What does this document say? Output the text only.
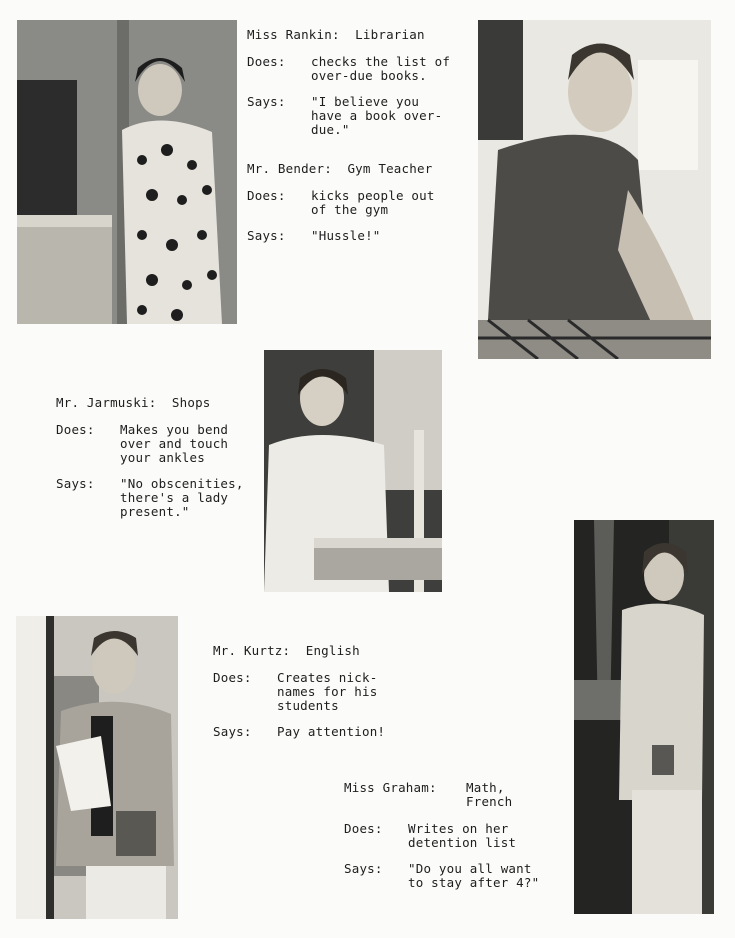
Miss Rankin:
Librarian
Does:	checks the list of
over-due books.
Says:	"I believe you
have a book over-
due."
Mr. Bender:
Gym Teacher
Does:	kicks people out
of the gym
Says:	"Hussle!"
Mr. Jarmuski:
Shops
Does:	Makes you bend
over and touch
your ankles
Says:	"No obscenities,
there's a lady
present."
Mr. Kurtz:
English
Does:	Creates nick-
names for his
students
Says:	Pay attention!
Miss Graham:	Math,
French
Does:	Writes on her
detention list
Says:	"Do you all want
to stay after 4?"
